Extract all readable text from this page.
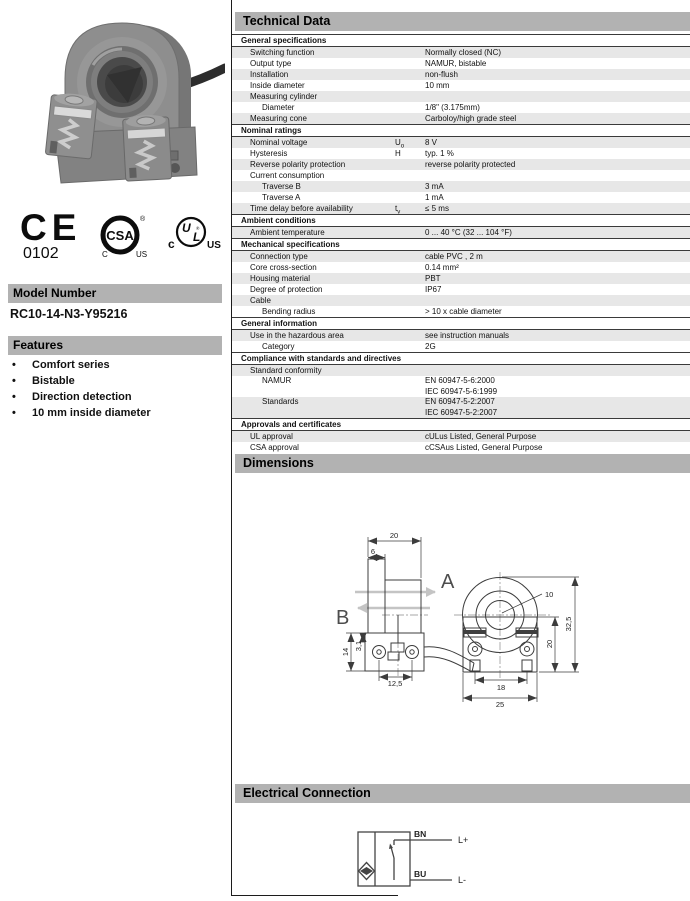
CE
0102
CSA
®
C	US
U
L
®
c	US
Model Number
RC10-14-N3-Y95216
Features
• Comfort series
• Bistable
• Direction detection
• 10 mm inside diameter
Technical Data
General specifications
Switching function	Normally closed (NC)
Output type	NAMUR, bistable
Installation	non-flush
Inside diameter	10 mm
Measuring cylinder
Diameter	1/8" (3.175mm)
Measuring cone	Carboloy/high grade steel
Nominal ratings
Nominal voltage	$U_o$	8 V
Hysteresis	H	typ. 1 %
Reverse polarity protection	reverse polarity protected
Current consumption
Traverse B	3 mA
Traverse A	1 mA
Time delay before availability	$t_v$	≤ 5 ms
Ambient conditions
Ambient temperature	0 ... 40 °C (32 ... 104 °F)
Mechanical specifications
Connection type	cable PVC , 2 m
Core cross-section	0.14 mm²
Housing material	PBT
Degree of protection	IP67
Cable
Bending radius	> 10 x cable diameter
General information
Use in the hazardous area	see instruction manuals
Category	2G
Compliance with standards and directives
Standard conformity
NAMUR	EN 60947-5-6:2000
IEC 60947-5-6:1999
Standards	EN 60947-5-2:2007
IEC 60947-5-2:2007
Approvals and certificates
UL approval	cULus Listed, General Purpose
CSA approval	cCSAus Listed, General Purpose
Dimensions
20
6
14
3,1
12,5
10
32,5
20
18
25
A
B
Electrical Connection
BN
BU
L+
L-
